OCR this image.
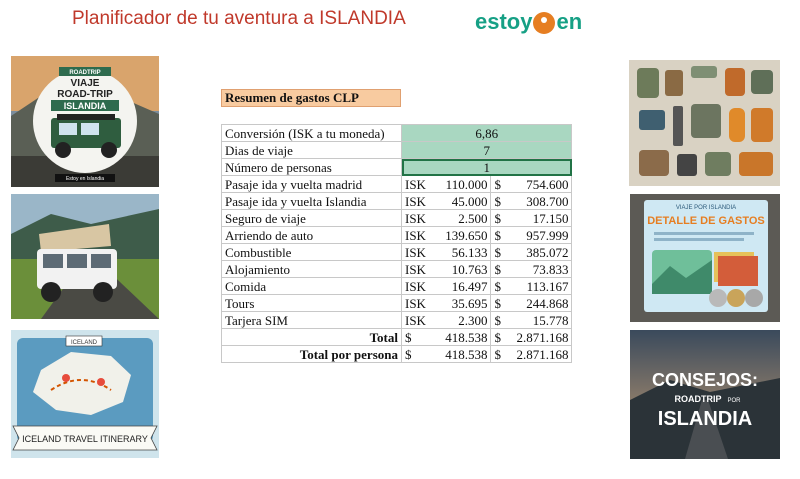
Planificador de tu aventura a ISLANDIA	estoy en
ROADTRIP
VIAJE
ROAD-TRIP
ISLANDIA
Estoy en Islandia
ICELAND
ICELAND TRAVEL ITINERARY
Resumen de gastos CLP
Conversión (ISK a tu moneda)	6,86			
Dias de viaje	7			
Número de personas	1			
Pasaje ida y vuelta madrid	ISK	110.000	$	754.600
Pasaje ida y vuelta Islandia	ISK	45.000	$	308.700
Seguro de viaje	ISK	2.500	$	17.150
Arriendo de auto	ISK	139.650	$	957.999
Combustible	ISK	56.133	$	385.072
Alojamiento	ISK	10.763	$	73.833
Comida	ISK	16.497	$	113.167
Tours	ISK	35.695	$	244.868
Tarjera SIM	ISK	2.300	$	15.778
Total	$	418.538	$	2.871.168
Total por persona	$	418.538	$	2.871.168
VIAJE POR ISLANDIA
DETALLE DE GASTOS
CONSEJOS:
ROADTRIP POR
ISLANDIA
